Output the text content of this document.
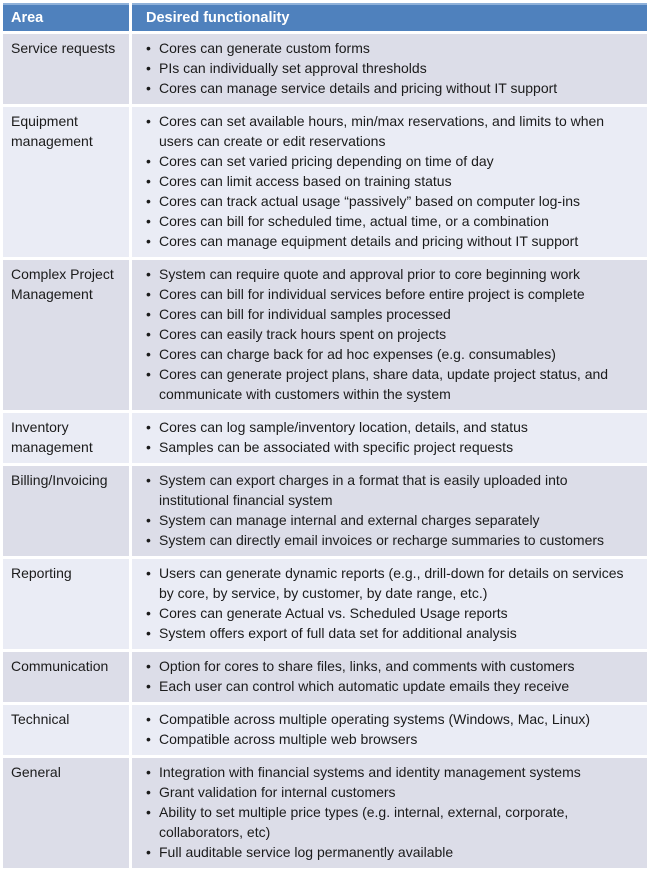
Area	Desired functionality
Service requests	
•Cores can generate custom forms
• PIs can individually set approval thresholds
• Cores can manage service details and pricing without IT support

Equipment management	
• Cores can set available hours, min/max reservations, and limits to when users can create or edit reservations
• Cores can set varied pricing depending on time of day
• Cores can limit access based on training status
• Cores can track actual usage “passively” based on computer log-ins
• Cores can bill for scheduled time, actual time, or a combination
• Cores can manage equipment details and pricing without IT support

Complex Project Management	
• System can require quote and approval prior to core beginning work
• Cores can bill for individual services before entire project is complete
• Cores can bill for individual samples processed
• Cores can easily track hours spent on projects
• Cores can charge back for ad hoc expenses (e.g. consumables)
• Cores can generate project plans, share data, update project status, and communicate with customers within the system

Inventory management	
• Cores can log sample/inventory location, details, and status
• Samples can be associated with specific project requests

Billing/Invoicing	
•System can export charges in a format that is easily uploaded into institutional financial system
• System can manage internal and external charges separately
• System can directly email invoices or recharge summaries to customers

Reporting	
•Users can generate dynamic reports (e.g., drill-down for details on services by core, by service, by customer, by date range, etc.)
• Cores can generate Actual vs. Scheduled Usage reports
• System offers export of full data set for additional analysis

Communication	
•Option for cores to share files, links, and comments with customers
• Each user can control which automatic update emails they receive

Technical	
•Compatible across multiple operating systems (Windows, Mac, Linux)
• Compatible across multiple web browsers

General	
•Integration with financial systems and identity management systems
• Grant validation for internal customers
• Ability to set multiple price types (e.g. internal, external, corporate, collaborators, etc)
• Full auditable service log permanently available
